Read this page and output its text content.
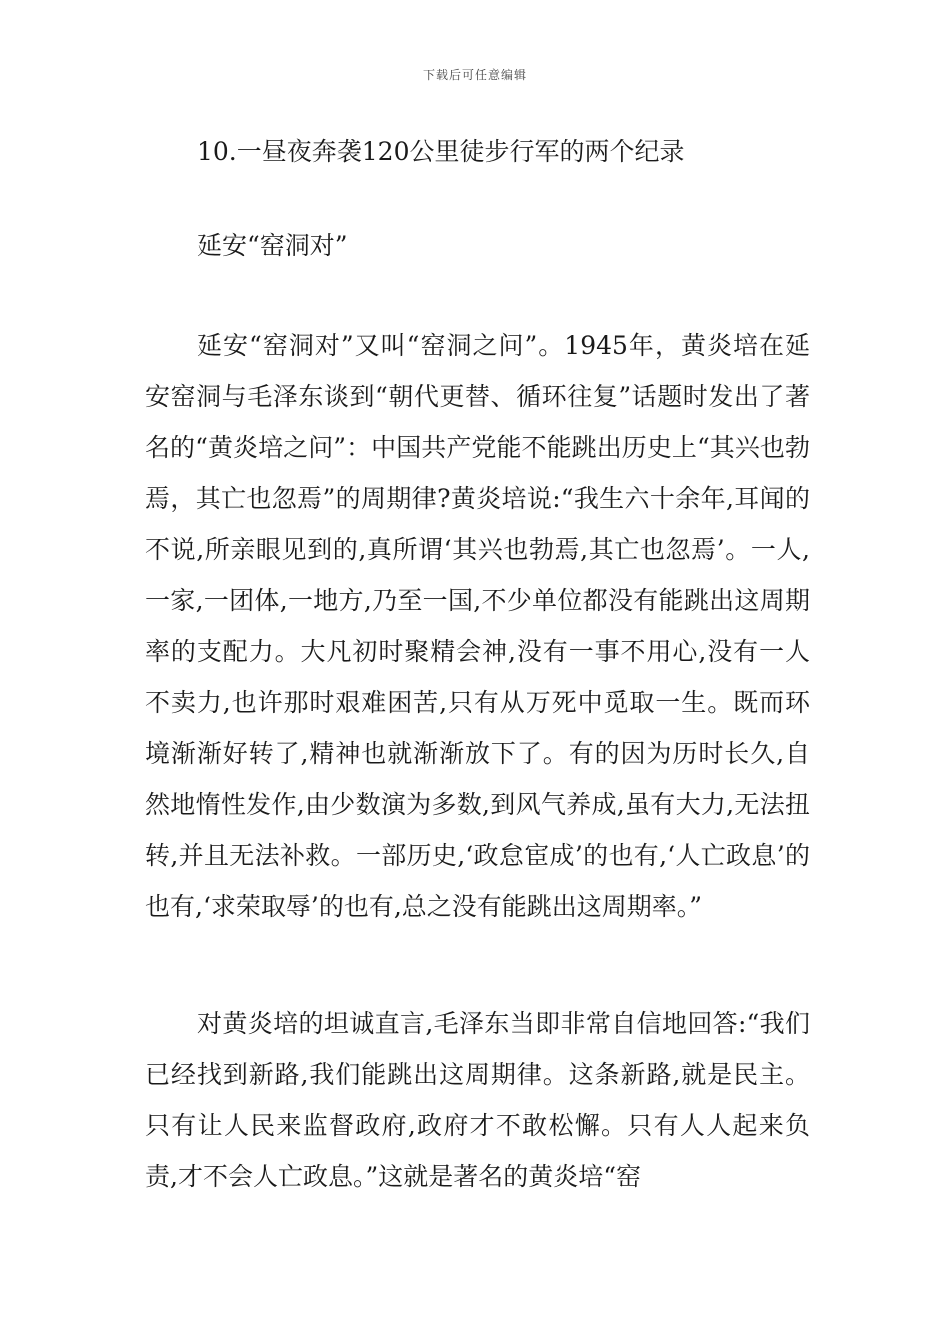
下载后可任意编辑

10.一昼夜奔袭120公里徒步行军的两个纪录

延安“窑洞对”

延安“窑洞对”又叫“窑洞之问”。1945年，黄炎培在延安窑洞与毛泽东谈到“朝代更替、循环往复”话题时发出了著名的“黄炎培之问”：中国共产党能不能跳出历史上“其兴也勃焉，其亡也忽焉”的周期律?黄炎培说:“我生六十余年,耳闻的不说,所亲眼见到的,真所谓‘其兴也勃焉,其亡也忽焉’。一人,一家,一团体,一地方,乃至一国,不少单位都没有能跳出这周期率的支配力。大凡初时聚精会神,没有一事不用心,没有一人不卖力,也许那时艰难困苦,只有从万死中觅取一生。既而环境渐渐好转了,精神也就渐渐放下了。有的因为历时长久,自然地惰性发作,由少数演为多数,到风气养成,虽有大力,无法扭转,并且无法补救。一部历史,‘政怠宦成’的也有,‘人亡政息’的也有,‘求荣取辱’的也有,总之没有能跳出这周期率。”

对黄炎培的坦诚直言,毛泽东当即非常自信地回答:“我们已经找到新路,我们能跳出这周期律。这条新路,就是民主。只有让人民来监督政府,政府才不敢松懈。只有人人起来负责,才不会人亡政息。”这就是著名的黄炎培“窑
